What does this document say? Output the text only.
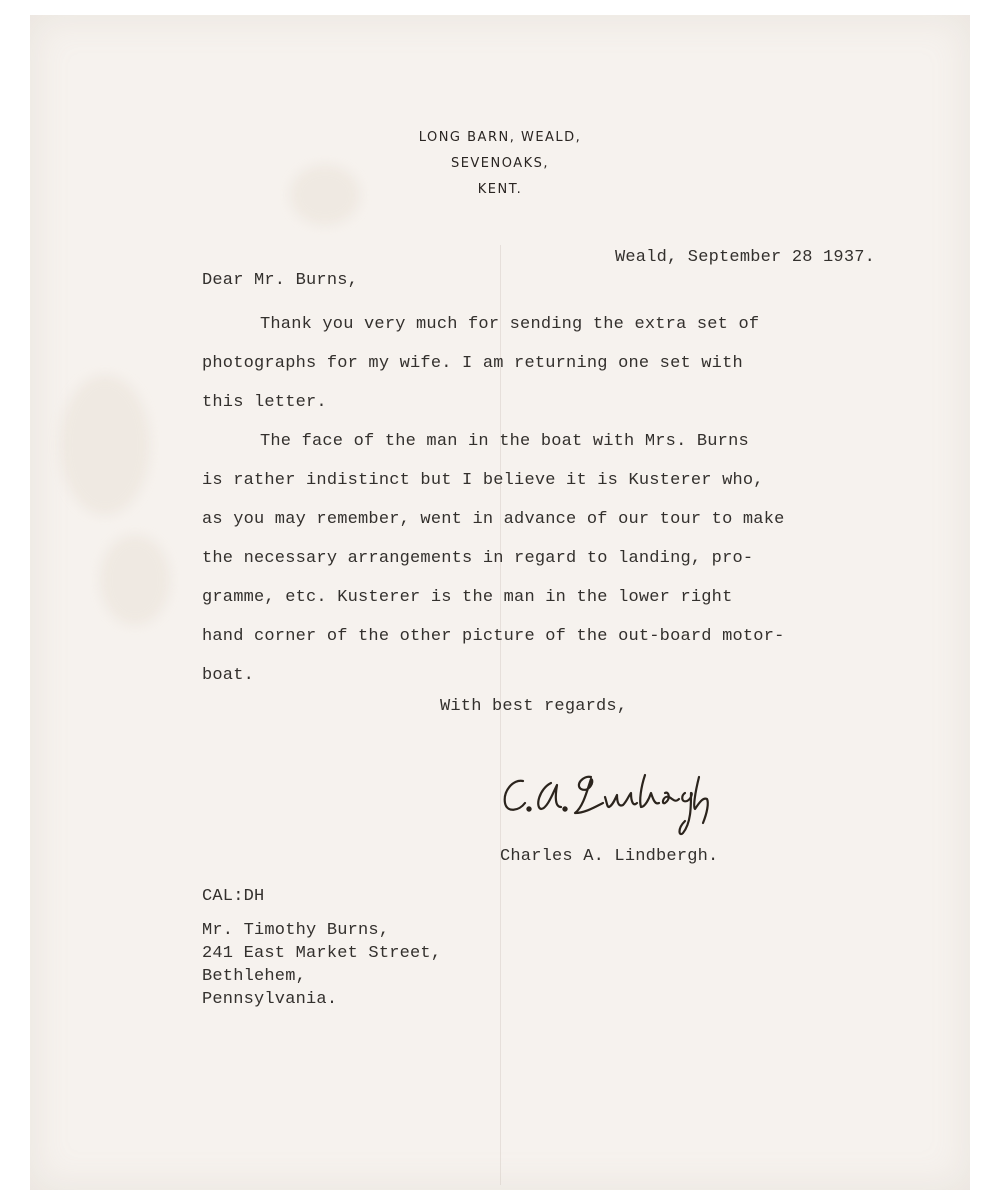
LONG BARN, WEALD,
SEVENOAKS,
KENT.
Weald, September 28 1937.
Dear Mr. Burns,
Thank you very much for sending the extra set of
photographs for my wife. I am returning one set with
this letter.
The face of the man in the boat with Mrs. Burns
is rather indistinct but I believe it is Kusterer who,
as you may remember, went in advance of our tour to make
the necessary arrangements in regard to landing, pro-
gramme, etc. Kusterer is the man in the lower right
hand corner of the other picture of the out-board motor-
boat.
With best regards,
Charles A. Lindbergh.
CAL:DH
Mr. Timothy Burns,
241 East Market Street,
Bethlehem,
Pennsylvania.
